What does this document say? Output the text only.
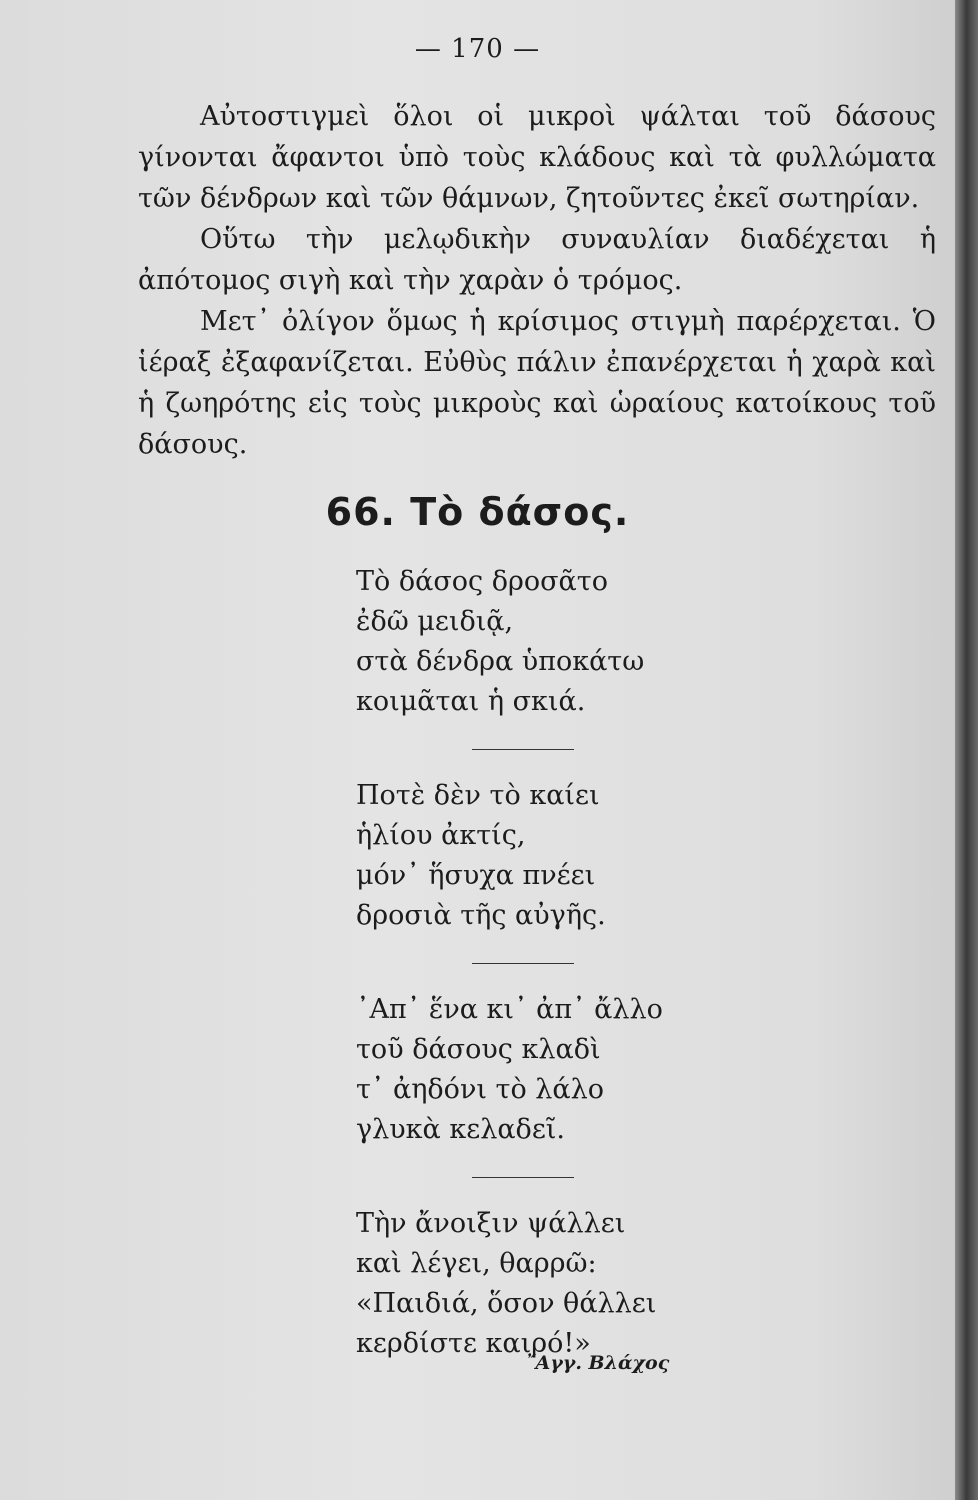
— 170 —

Αὐτοστιγμεὶ ὅλοι οἱ μικροὶ ψάλται τοῦ δάσους γίνονται ἄφαντοι ὑπὸ τοὺς κλάδους καὶ τὰ φυλλώματα τῶν δένδρων καὶ τῶν θάμνων, ζητοῦντες ἐκεῖ σωτηρίαν.

Οὕτω τὴν μελῳδικὴν συναυλίαν διαδέχεται ἡ ἀπότομος σιγὴ καὶ τὴν χαρὰν ὁ τρόμος.

Μετ᾽ ὀλίγον ὅμως ἡ κρίσιμος στιγμὴ παρέρχεται. Ὁ ἱέραξ ἐξαφανίζεται. Εὐθὺς πάλιν ἐπανέρχεται ἡ χαρὰ καὶ ἡ ζωηρότης εἰς τοὺς μικροὺς καὶ ὡραίους κατοίκους τοῦ δάσους.

66. Τὸ δάσος.
Τὸ δάσος δροσᾶτο
ἐδῶ μειδιᾷ,
στὰ δένδρα ὑποκάτω
κοιμᾶται ἡ σκιά.
Ποτὲ δὲν τὸ καίει
ἡλίου ἀκτίς,
μόν᾽ ἥσυχα πνέει
δροσιὰ τῆς αὐγῆς.
᾽Απ᾽ ἕνα κι᾽ ἀπ᾽ ἄλλο
τοῦ δάσους κλαδὶ
τ᾽ ἀηδόνι τὸ λάλο
γλυκὰ κελαδεῖ.
Τὴν ἄνοιξιν ψάλλει
καὶ λέγει, θαρρῶ:
«Παιδιά, ὅσον θάλλει
κερδίστε καιρό!»
῎Αγγ. Βλάχος
